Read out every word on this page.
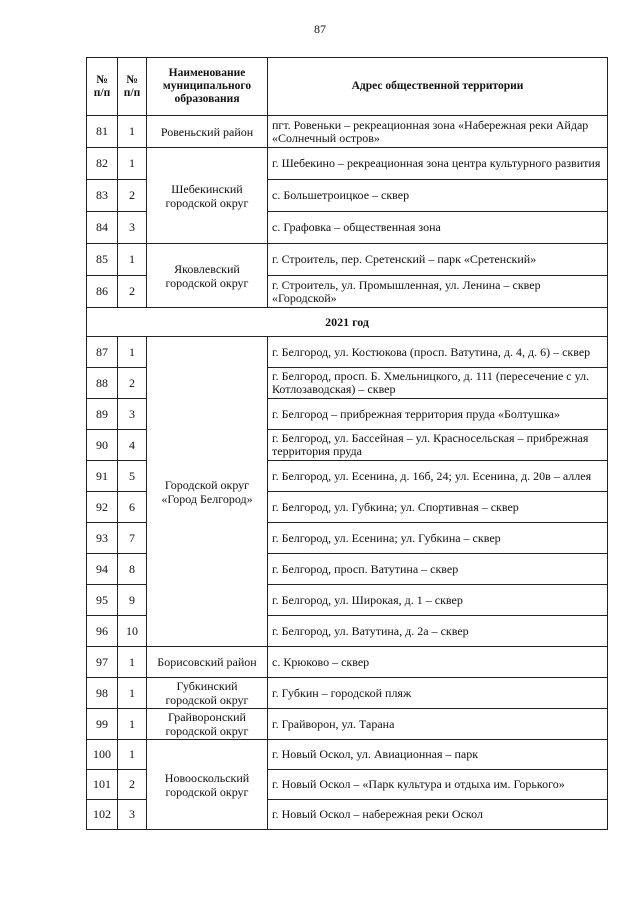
87
№ п/п	№ п/п	Наименование муниципального образования	Адрес общественной территории
81	1	Ровеньский район	пгт. Ровеньки – рекреационная зона «Набережная реки Айдар «Солнечный остров»
82	1	Шебекинский городской округ	г. Шебекино – рекреационная зона центра культурного развития
83	2		с. Большетроицкое – сквер
84	3		с. Графовка – общественная зона
85	1	Яковлевский городской округ	г. Строитель, пер. Сретенский – парк «Сретенский»
86	2		г. Строитель, ул. Промышленная, ул. Ленина – сквер «Городской»
2021 год			
87	1	Городской округ «Город Белгород»	г. Белгород, ул. Костюкова (просп. Ватутина, д. 4, д. 6) – сквер
88	2		г. Белгород, просп. Б. Хмельницкого, д. 111 (пересечение с ул. Котлозаводская) – сквер
89	3		г. Белгород – прибрежная территория пруда «Болтушка»
90	4		г. Белгород, ул. Бассейная – ул. Красносельская – прибрежная территория пруда
91	5		г. Белгород, ул. Есенина, д. 16б, 24; ул. Есенина, д. 20в – аллея
92	6		г. Белгород, ул. Губкина; ул. Спортивная – сквер
93	7		г. Белгород, ул. Есенина; ул. Губкина – сквер
94	8		г. Белгород, просп. Ватутина – сквер
95	9		г. Белгород, ул. Широкая, д. 1 – сквер
96	10		г. Белгород, ул. Ватутина, д. 2а – сквер
97	1	Борисовский район	с. Крюково – сквер
98	1	Губкинский городской округ	г. Губкин – городской пляж
99	1	Грайворонский городской округ	г. Грайворон, ул. Тарана
100	1	Новооскольский городской округ	г. Новый Оскол, ул. Авиационная – парк
101	2		г. Новый Оскол – «Парк культура и отдыха им. Горького»
102	3		г. Новый Оскол – набережная реки Оскол
